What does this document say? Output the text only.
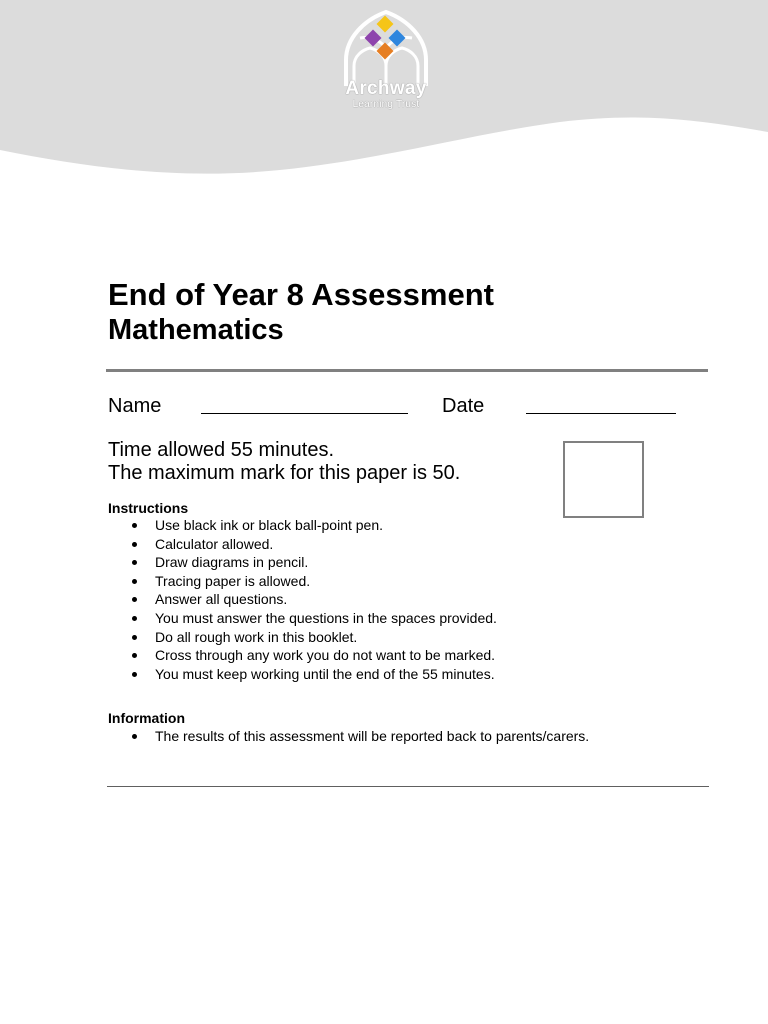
Archway
Learning Trust
End of Year 8 Assessment
Mathematics
Name	Date

Time allowed 55 minutes.

The maximum mark for this paper is 50.

Instructions
Use black ink or black ball-point pen.
Calculator allowed.
Draw diagrams in pencil.
Tracing paper is allowed.
Answer all questions.
You must answer the questions in the spaces provided.
Do all rough work in this booklet.
Cross through any work you do not want to be marked.
You must keep working until the end of the 55 minutes.
Information
The results of this assessment will be reported back to parents/carers.
